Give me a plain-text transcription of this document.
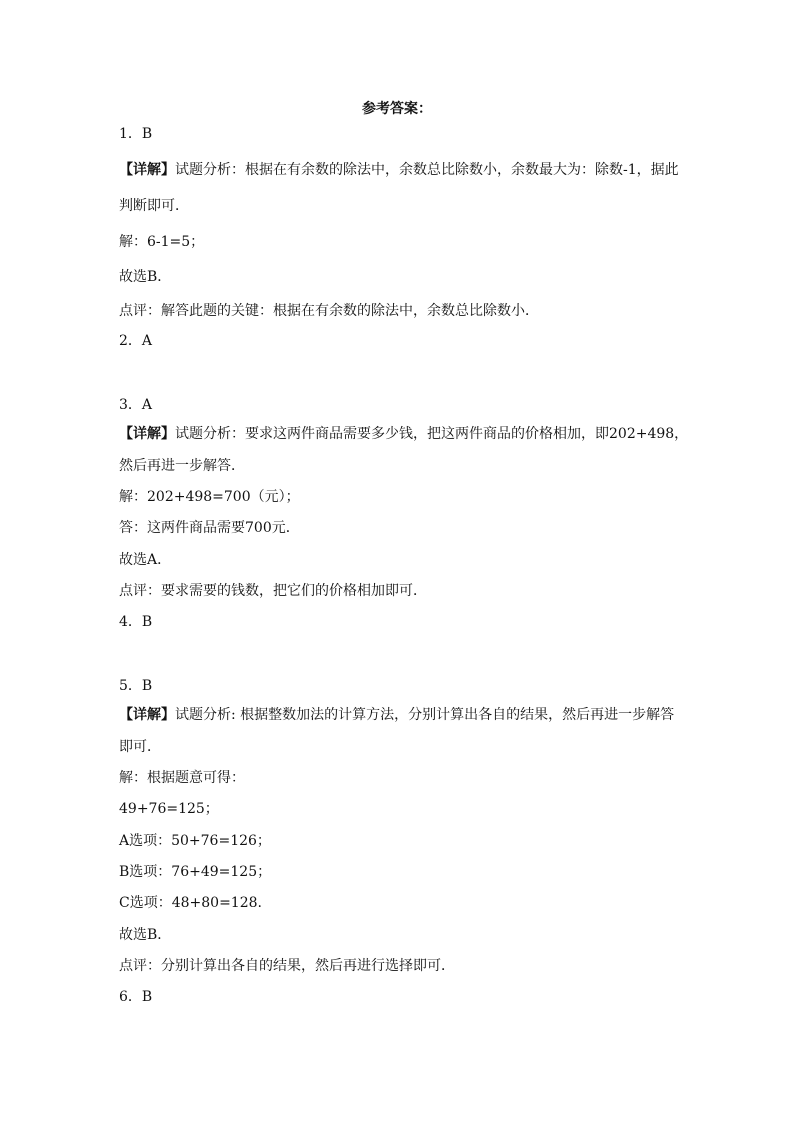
参考答案：
1．B
【详解】试题分析：根据在有余数的除法中，余数总比除数小，余数最大为：除数-1，据此
判断即可．
解：6-1=5；
故选B．
点评：解答此题的关键：根据在有余数的除法中，余数总比除数小．
2．A
3．A
【详解】试题分析：要求这两件商品需要多少钱，把这两件商品的价格相加，即202+498，
然后再进一步解答．
解：202+498=700（元）；
答：这两件商品需要700元．
故选A．
点评：要求需要的钱数，把它们的价格相加即可．
4．B
5．B
【详解】试题分析: 根据整数加法的计算方法，分别计算出各自的结果，然后再进一步解答
即可．
解：根据题意可得：
49+76=125；
A选项：50+76=126；
B选项：76+49=125；
C选项：48+80=128.
故选B．
点评：分别计算出各自的结果，然后再进行选择即可．
6．B
